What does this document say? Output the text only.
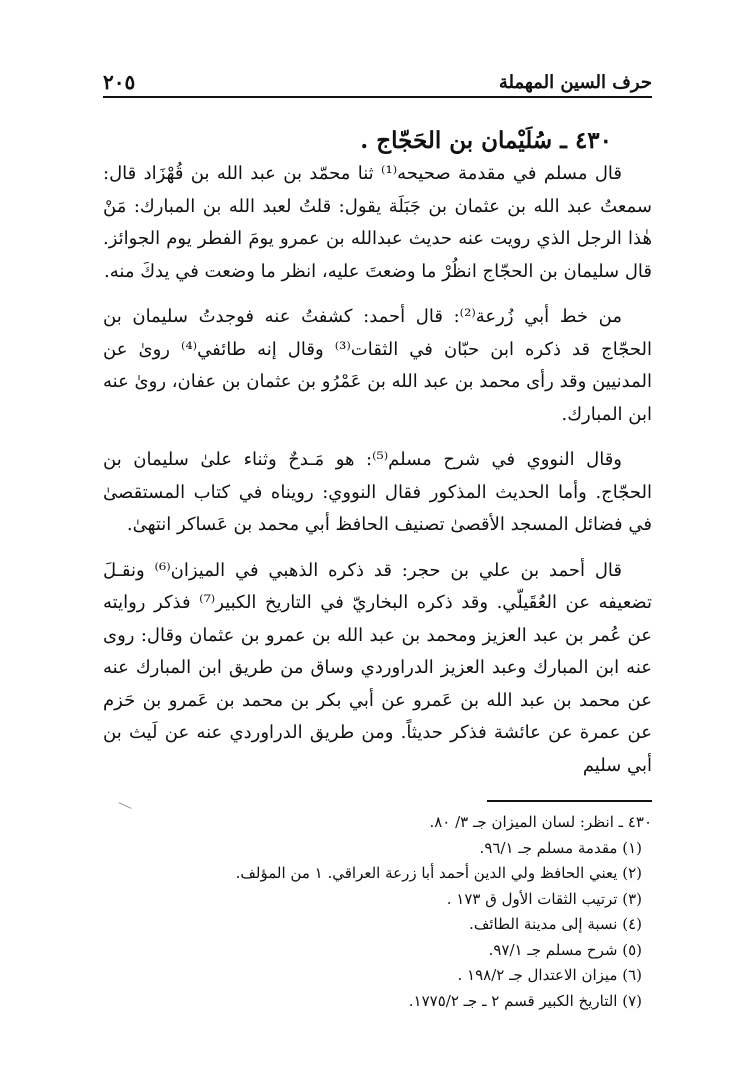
حرف السين المهملة
٢٠٥
٤٣٠ ـ سُلَيْمان بن الحَجّاج .

قال مسلم في مقدمة صحيحه⁽¹⁾ ثنا محمّد بن عبد الله بن قُهْزَاد قال: سمعتُ عبد الله بن عثمان بن جَبَلَة يقول: قلتُ لعبد الله بن المبارك: مَنْ هٰذا الرجل الذي رويت عنه حديث عبدالله بن عمرو يومَ الفطر يوم الجوائز. قال سليمان بن الحجّاج انظُرْ ما وضعتَ عليه، انظر ما وضعت في يدكَ منه.

من خط أبي زُرعة⁽²⁾: قال أحمد: كشفتُ عنه فوجدتُ سليمان بن الحجّاج قد ذكره ابن حبّان في الثقات⁽³⁾ وقال إنه طائفي⁽⁴⁾ روىٰ عن المدنيين وقد رأى محمد بن عبد الله بن عَمْرُو بن عثمان بن عفان، روىٰ عنه ابن المبارك.

وقال النووي في شرح مسلم⁽⁵⁾: هو مَـدحٌ وثناء علىٰ سليمان بن الحجّاج. وأما الحديث المذكور فقال النووي: رويناه في كتاب المستقصىٰ في فضائل المسجد الأقصىٰ تصنيف الحافظ أبي محمد بن عَساكر انتهىٰ.

قال أحمد بن علي بن حجر: قد ذكره الذهبي في الميزان⁽⁶⁾ ونقـلَ تضعيفه عن العُقَيلّي. وقد ذكره البخاريّ في التاريخ الكبير⁽⁷⁾ فذكر روايته عن عُمر بن عبد العزيز ومحمد بن عبد الله بن عمرو بن عثمان وقال: روى عنه ابن المبارك وعبد العزيز الدراوردي وساق من طريق ابن المبارك عنه عن محمد بن عبد الله بن عَمرو عن أبي بكر بن محمد بن عَمرو بن حَزم عن عمرة عن عائشة فذكر حديثاً. ومن طريق الدراوردي عنه عن لَيث بن أبي سليم

٤٣٠ ـ انظر: لسان الميزان جـ ٣/ ٨٠.
(١) مقدمة مسلم جـ ٩٦/١.
(٢) يعني الحافظ ولي الدين أحمد أبا زرعة العراقي. ١ من المؤلف.
(٣) ترتيب الثقات الأول ق ١٧٣ .
(٤) نسبة إلى مدينة الطائف.
(٥) شرح مسلم جـ ٩٧/١.
(٦) ميزان الاعتدال جـ ١٩٨/٢ .
(٧) التاريخ الكبير قسم ٢ ـ جـ ١٧٧٥/٢.
